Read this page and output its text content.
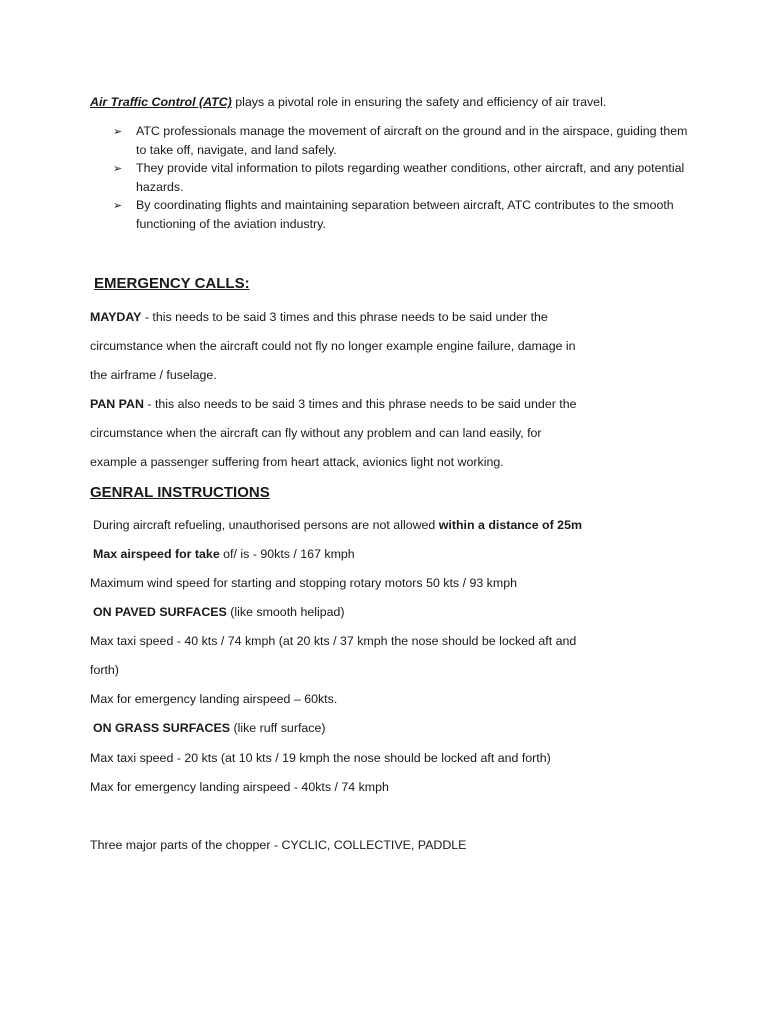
Air Traffic Control (ATC) plays a pivotal role in ensuring the safety and efficiency of air travel.
➢	ATC professionals manage the movement of aircraft on the ground and in the airspace, guiding them to take off, navigate, and land safely.
➢	They provide vital information to pilots regarding weather conditions, other aircraft, and any potential hazards.
➢	By coordinating flights and maintaining separation between aircraft, ATC contributes to the smooth functioning of the aviation industry.
EMERGENCY CALLS:
MAYDAY - this needs to be said 3 times and this phrase needs to be said under the
circumstance when the aircraft could not fly no longer example engine failure, damage in
the airframe / fuselage.
PAN PAN - this also needs to be said 3 times and this phrase needs to be said under the
circumstance when the aircraft can fly without any problem and can land easily, for
example a passenger suffering from heart attack, avionics light not working.
GENRAL INSTRUCTIONS
During aircraft refueling, unauthorised persons are not allowed within a distance of 25m
Max airspeed for take of/ is - 90kts / 167 kmph
Maximum wind speed for starting and stopping rotary motors 50 kts / 93 kmph
ON PAVED SURFACES (like smooth helipad)
Max taxi speed - 40 kts / 74 kmph (at 20 kts / 37 kmph the nose should be locked aft and
forth)
Max for emergency landing airspeed – 60kts.
ON GRASS SURFACES (like ruff surface)
Max taxi speed - 20 kts (at 10 kts / 19 kmph the nose should be locked aft and forth)
Max for emergency landing airspeed - 40kts / 74 kmph
Three major parts of the chopper - CYCLIC, COLLECTIVE, PADDLE
